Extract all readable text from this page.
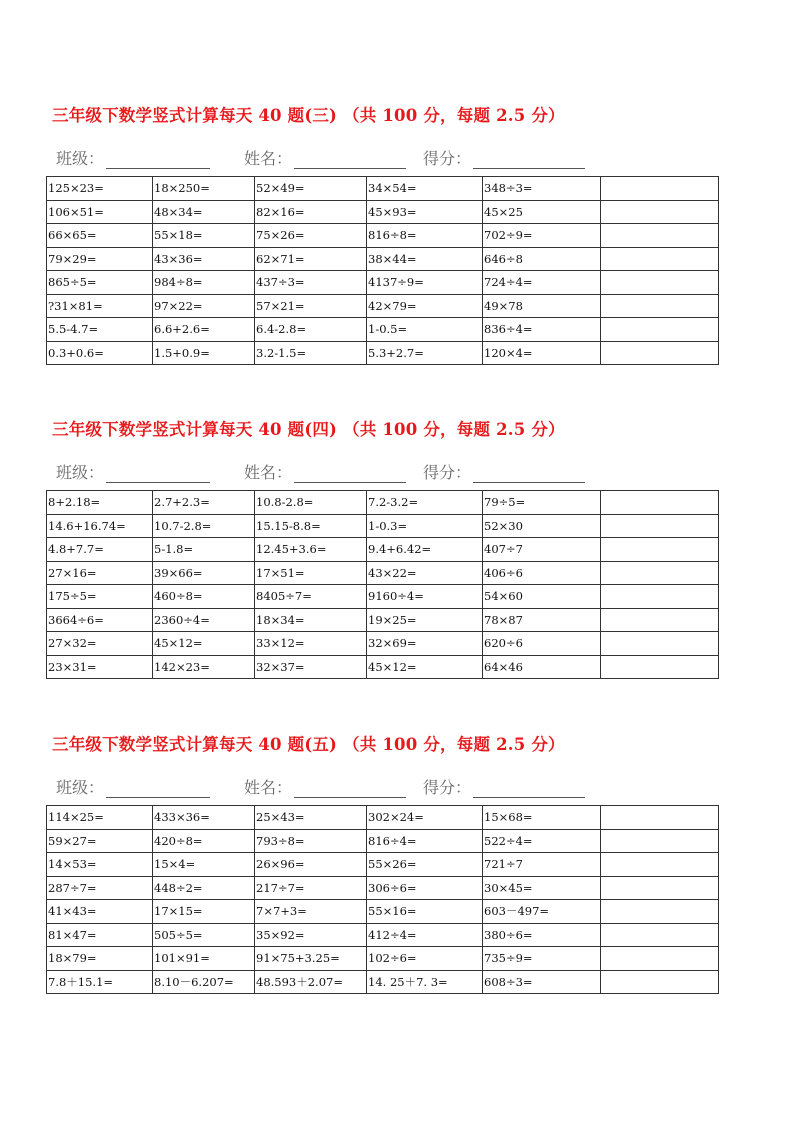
三年级下数学竖式计算每天 40 题(三) （共 100 分，每题 2.5 分）
班级：	姓名：	得分：
125×23=	18×250=	52×49=	34×54=	348÷3=	
106×51=	48×34=	82×16=	45×93=	45×25	
66×65=	55×18=	75×26=	816÷8=	702÷9=	
79×29=	43×36=	62×71=	38×44=	646÷8	
865÷5=	984÷8=	437÷3=	4137÷9=	724÷4=	
?31×81=	97×22=	57×21=	42×79=	49×78	
5.5-4.7=	6.6+2.6=	6.4-2.8=	1-0.5=	836÷4=	
0.3+0.6=	1.5+0.9=	3.2-1.5=	5.3+2.7=	120×4=	
三年级下数学竖式计算每天 40 题(四) （共 100 分，每题 2.5 分）
班级：	姓名：	得分：
8+2.18=	2.7+2.3=	10.8-2.8=	7.2-3.2=	79÷5=	
14.6+16.74=	10.7-2.8=	15.15-8.8=	1-0.3=	52×30	
4.8+7.7=	5-1.8=	12.45+3.6=	9.4+6.42=	407÷7	
27×16=	39×66=	17×51=	43×22=	406÷6	
175÷5=	460÷8=	8405÷7=	9160÷4=	54×60	
3664÷6=	2360÷4=	18×34=	19×25=	78×87	
27×32=	45×12=	33×12=	32×69=	620÷6	
23×31=	142×23=	32×37=	45×12=	64×46	
三年级下数学竖式计算每天 40 题(五) （共 100 分，每题 2.5 分）
班级：	姓名：	得分：
114×25=	433×36=	25×43=	302×24=	15×68=	
59×27=	420÷8=	793÷8=	816÷4=	522÷4=	
14×53=	15×4=	26×96=	55×26=	721÷7	
287÷7=	448÷2=	217÷7=	306÷6=	30×45=	
41×43=	17×15=	7×7+3=	55×16=	603－497=	
81×47=	505÷5=	35×92=	412÷4=	380÷6=	
18×79=	101×91=	91×75+3.25=	102÷6=	735÷9=	
7.8＋15.1=	8.10－6.207=	48.593＋2.07=	14. 25＋7. 3=	608÷3=	
